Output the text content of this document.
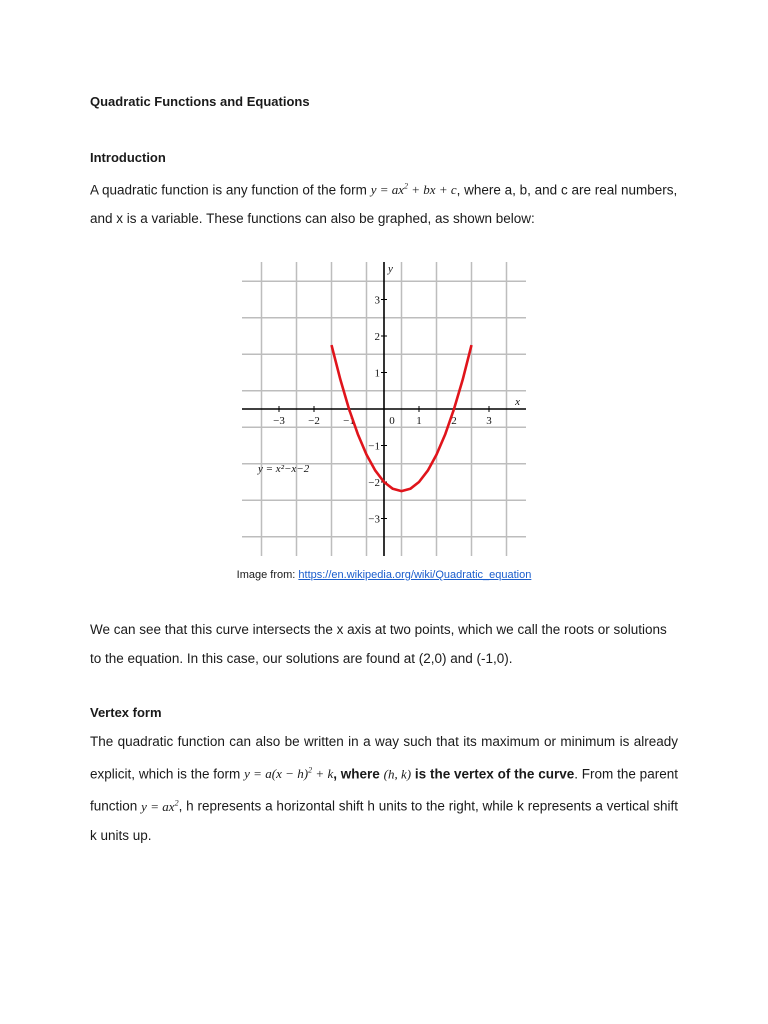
Quadratic Functions and Equations
Introduction
A quadratic function is any function of the form $y = ax^2$ + bx + c, where a, b, and c are real numbers, and x is a variable. These functions can also be graphed, as shown below:
−3 −2 −1	0 1	2	3
−3
−2
−1
1
2
3
x
y
y = x²−x−2
Image from: https://en.wikipedia.org/wiki/Quadratic_equation
We can see that this curve intersects the x axis at two points, which we call the roots or solutions to the equation. In this case, our solutions are found at (2,0) and (-1,0).
Vertex form
The quadratic function can also be written in a way such that its maximum or minimum is already explicit, which is the form $y = a(x - h)^2 + k$, where (h, k) is the vertex of the curve. From the parent function $y = ax^2$, h represents a horizontal shift h units to the right, while k represents a vertical shift k units up.
